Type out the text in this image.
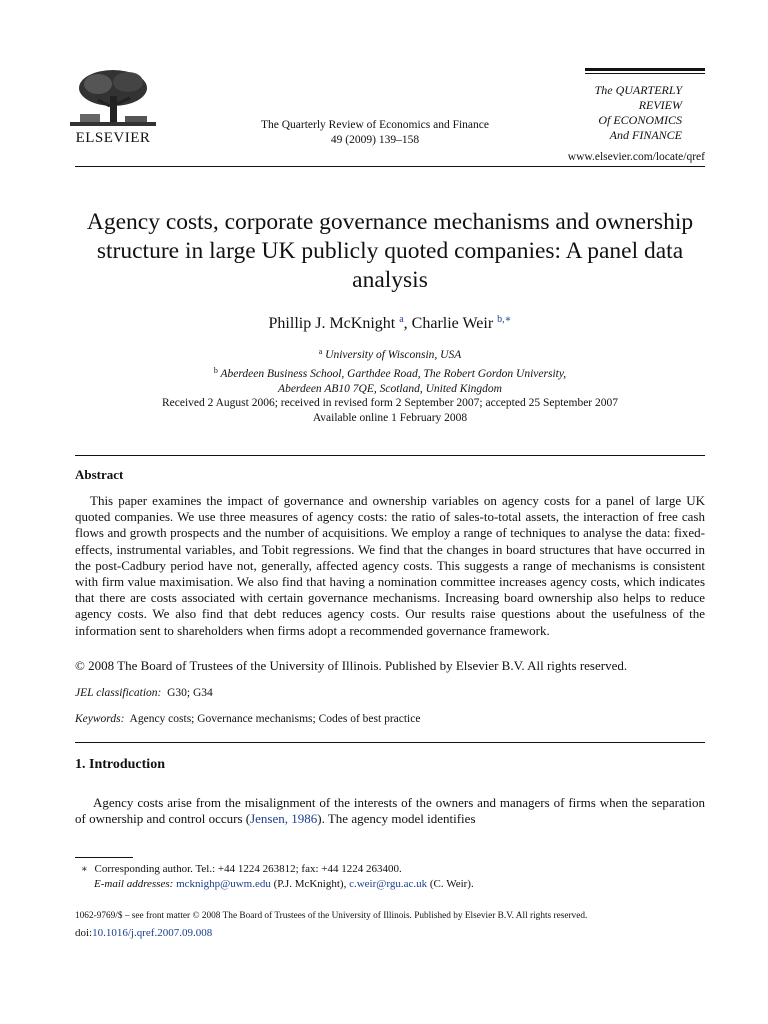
ELSEVIER
The Quarterly Review of Economics and Finance
49 (2009) 139–158
The QUARTERLY REVIEW
Of ECONOMICS
And FINANCE
www.elsevier.com/locate/qref
Agency costs, corporate governance mechanisms and ownership structure in large UK publicly quoted companies: A panel data analysis
Phillip J. McKnight $^a$, Charlie Weir $^{b,∗}$
$^a$ University of Wisconsin, USA
$^b$ Aberdeen Business School, Garthdee Road, The Robert Gordon University,
Aberdeen AB10 7QE, Scotland, United Kingdom
Received 2 August 2006; received in revised form 2 September 2007; accepted 25 September 2007
Available online 1 February 2008
Abstract

This paper examines the impact of governance and ownership variables on agency costs for a panel of large UK quoted companies. We use three measures of agency costs: the ratio of sales-to-total assets, the interaction of free cash flows and growth prospects and the number of acquisitions. We employ a range of techniques to analyse the data: fixed-effects, instrumental variables, and Tobit regressions. We find that the changes in board structures that have occurred in the post-Cadbury period have not, generally, affected agency costs. This suggests a range of mechanisms is consistent with firm value maximisation. We also find that having a nomination committee increases agency costs, which indicates that there are costs associated with certain governance mechanisms. Increasing board ownership also helps to reduce agency costs. We also find that debt reduces agency costs. Our results raise questions about the usefulness of the information sent to shareholders when firms adopt a recommended governance framework.

© 2008 The Board of Trustees of the University of Illinois. Published by Elsevier B.V. All rights reserved.
JEL classification: G30; G34
Keywords: Agency costs; Governance mechanisms; Codes of best practice
1. Introduction

Agency costs arise from the misalignment of the interests of the owners and managers of firms when the separation of ownership and control occurs (Jensen, 1986). The agency model identifies

∗ Corresponding author. Tel.: +44 1224 263812; fax: +44 1224 263400.
E-mail addresses: mcknighp@uwm.edu (P.J. McKnight), c.weir@rgu.ac.uk (C. Weir).
1062-9769/$ – see front matter © 2008 The Board of Trustees of the University of Illinois. Published by Elsevier B.V. All rights reserved.
doi:10.1016/j.qref.2007.09.008
